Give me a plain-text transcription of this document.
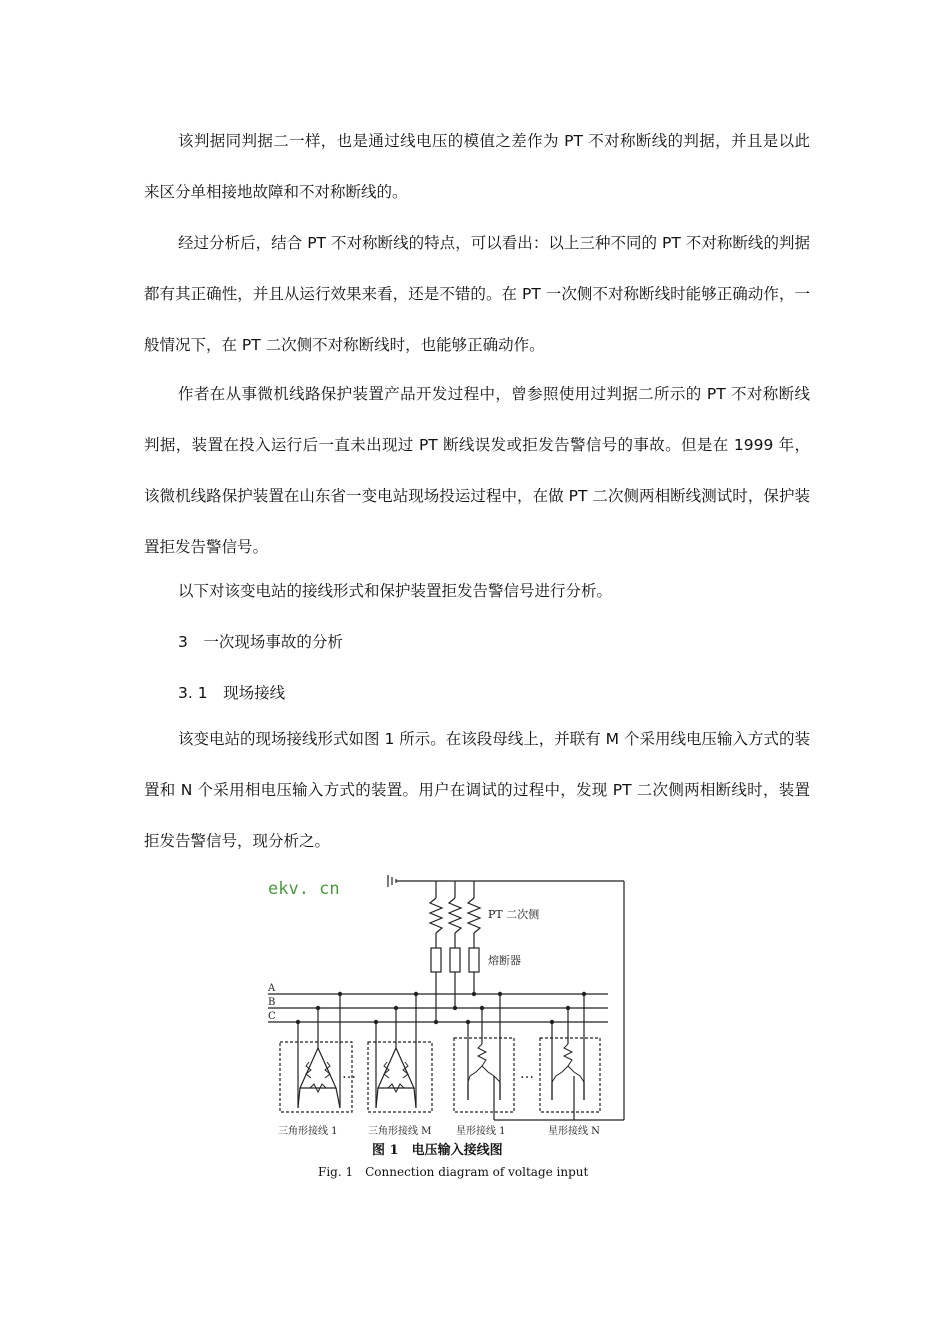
该判据同判据二一样，也是通过线电压的模值之差作为 PT 不对称断线的判据，并且是以此来区分单相接地故障和不对称断线的。

经过分析后，结合 PT 不对称断线的特点，可以看出：以上三种不同的 PT 不对称断线的判据都有其正确性，并且从运行效果来看，还是不错的。在 PT 一次侧不对称断线时能够正确动作，一般情况下，在 PT 二次侧不对称断线时，也能够正确动作。

作者在从事微机线路保护装置产品开发过程中，曾参照使用过判据二所示的 PT 不对称断线判据，装置在投入运行后一直未出现过 PT 断线误发或拒发告警信号的事故。但是在 1999 年，该微机线路保护装置在山东省一变电站现场投运过程中，在做 PT 二次侧两相断线测试时，保护装置拒发告警信号。

以下对该变电站的接线形式和保护装置拒发告警信号进行分析。

3　一次现场事故的分析

3. 1　现场接线

该变电站的现场接线形式如图 1 所示。在该段母线上，并联有 M 个采用线电压输入方式的装置和 N 个采用相电压输入方式的装置。用户在调试的过程中，发现 PT 二次侧两相断线时，装置拒发告警信号，现分析之。

ekv. cn
PT 二次侧
熔断器
A
B
C
…	…
三角形接线 1	三角形接线 M 星形接线 1	星形接线 N
图 1　电压输入接线图
Fig. 1　Connection diagram of voltage input
